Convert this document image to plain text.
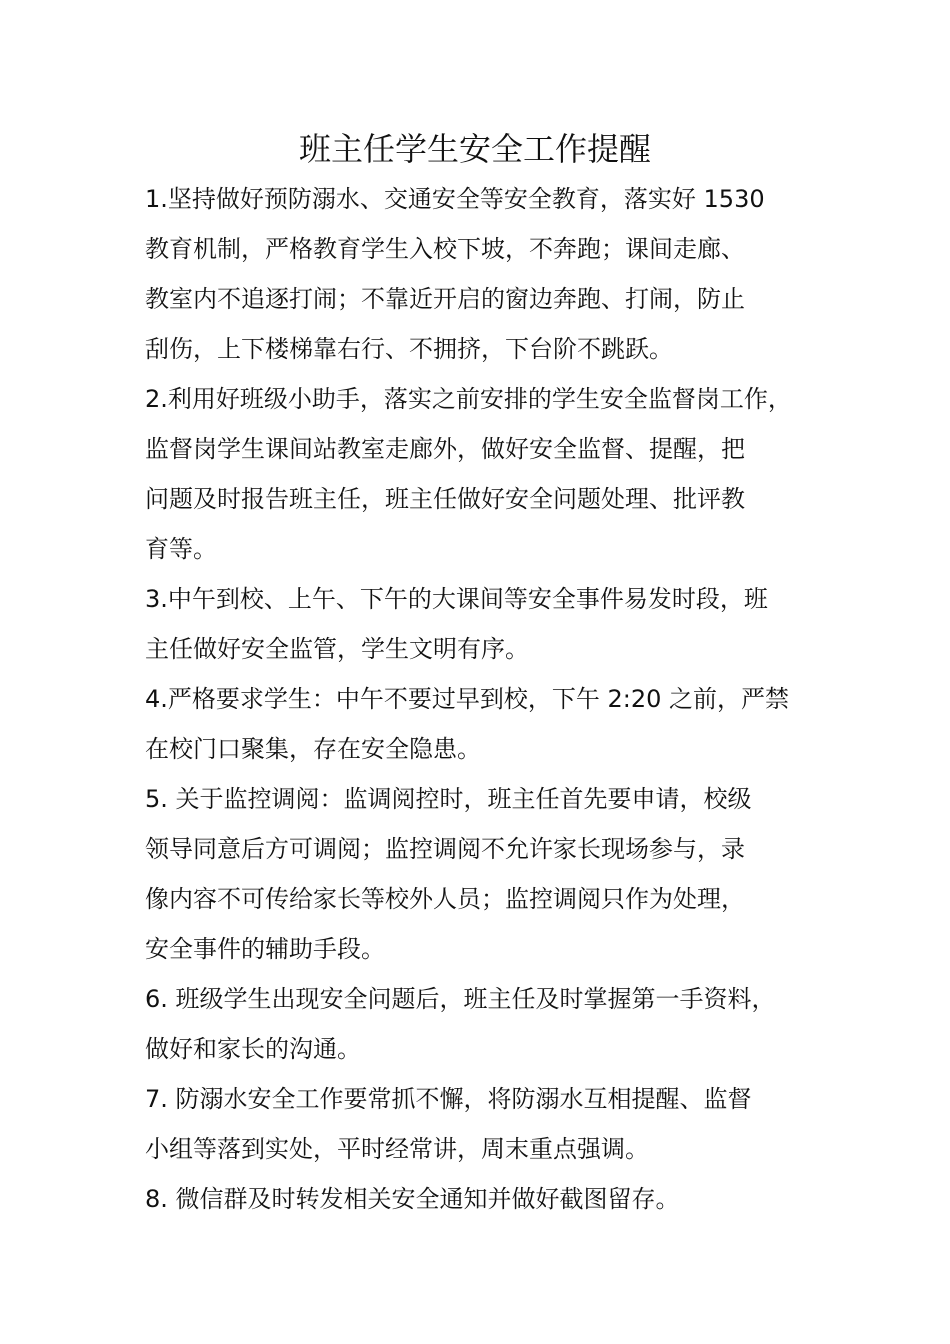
班主任学生安全工作提醒
1.坚持做好预防溺水、交通安全等安全教育，落实好 1530
教育机制，严格教育学生入校下坡，不奔跑；课间走廊、
教室内不追逐打闹；不靠近开启的窗边奔跑、打闹，防止
刮伤，上下楼梯靠右行、不拥挤，下台阶不跳跃。
2.利用好班级小助手，落实之前安排的学生安全监督岗工作，
监督岗学生课间站教室走廊外，做好安全监督、提醒，把
问题及时报告班主任，班主任做好安全问题处理、批评教
育等。
3.中午到校、上午、下午的大课间等安全事件易发时段，班
主任做好安全监管，学生文明有序。
4.严格要求学生：中午不要过早到校，下午 2:20 之前，严禁
在校门口聚集，存在安全隐患。
5. 关于监控调阅：监调阅控时，班主任首先要申请，校级
领导同意后方可调阅；监控调阅不允许家长现场参与，录
像内容不可传给家长等校外人员；监控调阅只作为处理，
安全事件的辅助手段。
6. 班级学生出现安全问题后，班主任及时掌握第一手资料，
做好和家长的沟通。
7. 防溺水安全工作要常抓不懈，将防溺水互相提醒、监督
小组等落到实处，平时经常讲，周末重点强调。
8. 微信群及时转发相关安全通知并做好截图留存。
